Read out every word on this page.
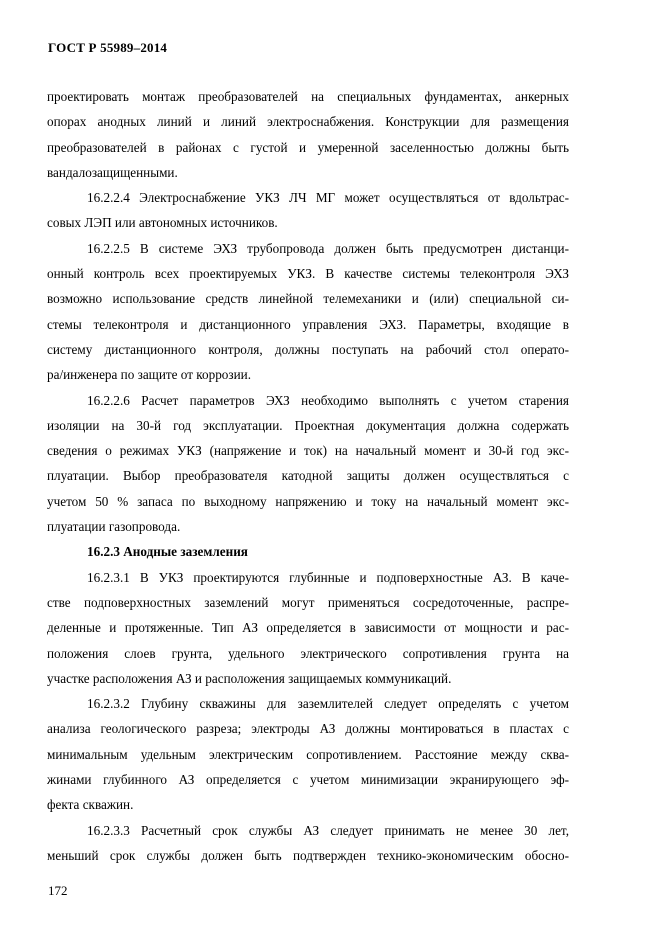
ГОСТ Р 55989–2014
проектировать монтаж преобразователей на специальных фундаментах, анкерных
опорах анодных линий и линий электроснабжения. Конструкции для размещения
преобразователей в районах с густой и умеренной заселенностью должны быть
вандалозащищенными.
16.2.2.4 Электроснабжение УКЗ ЛЧ МГ может осуществляться от вдольтрас-
совых ЛЭП или автономных источников.
16.2.2.5 В системе ЭХЗ трубопровода должен быть предусмотрен дистанци-
онный контроль всех проектируемых УКЗ. В качестве системы телеконтроля ЭХЗ
возможно использование средств линейной телемеханики и (или) специальной си-
стемы телеконтроля и дистанционного управления ЭХЗ. Параметры, входящие в
систему дистанционного контроля, должны поступать на рабочий стол операто-
ра/инженера по защите от коррозии.
16.2.2.6 Расчет параметров ЭХЗ необходимо выполнять с учетом старения
изоляции на 30-й год эксплуатации. Проектная документация должна содержать
сведения о режимах УКЗ (напряжение и ток) на начальный момент и 30-й год экс-
плуатации. Выбор преобразователя катодной защиты должен осуществляться с
учетом 50 % запаса по выходному напряжению и току на начальный момент экс-
плуатации газопровода.
16.2.3 Анодные заземления
16.2.3.1 В УКЗ проектируются глубинные и подповерхностные АЗ. В каче-
стве подповерхностных заземлений могут применяться сосредоточенные, распре-
деленные и протяженные. Тип АЗ определяется в зависимости от мощности и рас-
положения слоев грунта, удельного электрического сопротивления грунта на
участке расположения АЗ и расположения защищаемых коммуникаций.
16.2.3.2 Глубину скважины для заземлителей следует определять с учетом
анализа геологического разреза; электроды АЗ должны монтироваться в пластах с
минимальным удельным электрическим сопротивлением. Расстояние между сква-
жинами глубинного АЗ определяется с учетом минимизации экранирующего эф-
фекта скважин.
16.2.3.3 Расчетный срок службы АЗ следует принимать не менее 30 лет,
меньший срок службы должен быть подтвержден технико-экономическим обосно-
172
